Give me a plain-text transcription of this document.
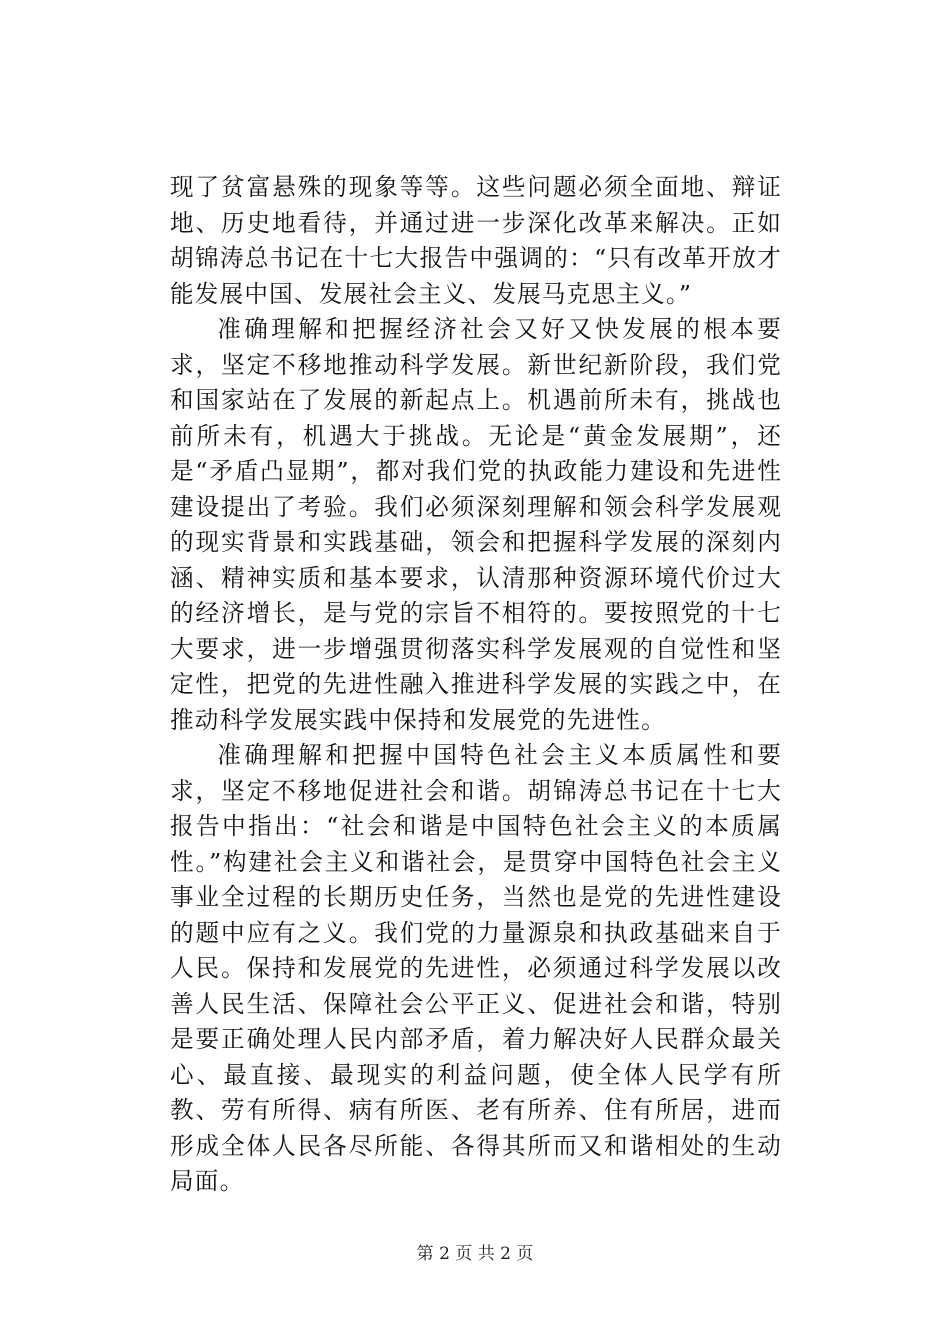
现了贫富悬殊的现象等等。这些问题必须全面地、辩证地、历史地看待，并通过进一步深化改革来解决。正如胡锦涛总书记在十七大报告中强调的：“只有改革开放才能发展中国、发展社会主义、发展马克思主义。”

准确理解和把握经济社会又好又快发展的根本要求，坚定不移地推动科学发展。新世纪新阶段，我们党和国家站在了发展的新起点上。机遇前所未有，挑战也前所未有，机遇大于挑战。无论是“黄金发展期”，还是“矛盾凸显期”，都对我们党的执政能力建设和先进性建设提出了考验。我们必须深刻理解和领会科学发展观的现实背景和实践基础，领会和把握科学发展的深刻内涵、精神实质和基本要求，认清那种资源环境代价过大的经济增长，是与党的宗旨不相符的。要按照党的十七大要求，进一步增强贯彻落实科学发展观的自觉性和坚定性，把党的先进性融入推进科学发展的实践之中，在推动科学发展实践中保持和发展党的先进性。

准确理解和把握中国特色社会主义本质属性和要求，坚定不移地促进社会和谐。胡锦涛总书记在十七大报告中指出：“社会和谐是中国特色社会主义的本质属性。”构建社会主义和谐社会，是贯穿中国特色社会主义事业全过程的长期历史任务，当然也是党的先进性建设的题中应有之义。我们党的力量源泉和执政基础来自于人民。保持和发展党的先进性，必须通过科学发展以改善人民生活、保障社会公平正义、促进社会和谐，特别是要正确处理人民内部矛盾，着力解决好人民群众最关心、最直接、最现实的利益问题，使全体人民学有所教、劳有所得、病有所医、老有所养、住有所居，进而形成全体人民各尽所能、各得其所而又和谐相处的生动局面。

第 2 页 共 2 页
